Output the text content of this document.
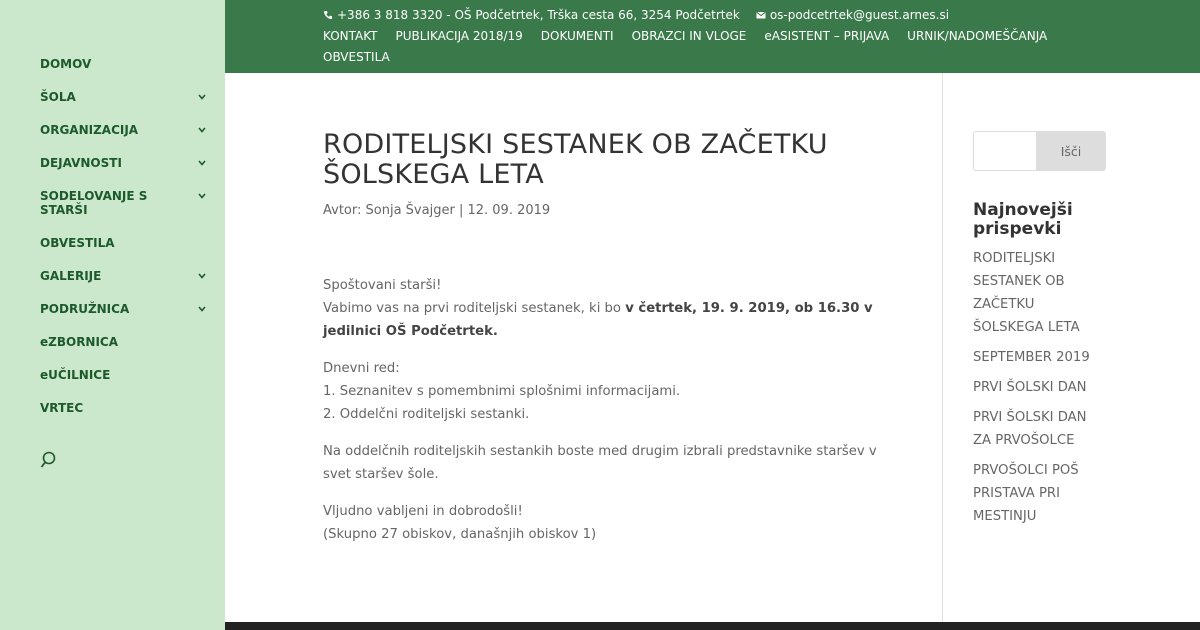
DOMOV
ŠOLA
ORGANIZACIJA
DEJAVNOSTI
SODELOVANJE S STARŠI
OBVESTILA
GALERIJE
PODRUŽNICA
eZBORNICA
eUČILNICE
VRTEC
+386 3 818 3320 - OŠ Podčetrtek, Trška cesta 66, 3254 Podčetrtek	os-podcetrtek@guest.arnes.si
KONTAKT PUBLIKACIJA 2018/19 DOKUMENTI OBRAZCI IN VLOGE eASISTENT – PRIJAVA URNIK/NADOMEŠČANJA
OBVESTILA
RODITELJSKI SESTANEK OB ZAČETKU ŠOLSKEGA LETA
Avtor: Sonja Švajger | 12. 09. 2019

Spoštovani starši!
Vabimo vas na prvi roditeljski sestanek, ki bo v četrtek, 19. 9. 2019, ob 16.30 v jedilnici OŠ Podčetrtek.

Dnevni red:
1. Seznanitev s pomembnimi splošnimi informacijami.
2. Oddelčni roditeljski sestanki.

Na oddelčnih roditeljskih sestankih boste med drugim izbrali predstavnike staršev v svet staršev šole.

Vljudno vabljeni in dobrodošli!
(Skupno 27 obiskov, današnjih obiskov 1)

Išči
Najnovejši prispevki
RODITELJSKI SESTANEK OB ZAČETKU ŠOLSKEGA LETA
SEPTEMBER 2019
PRVI ŠOLSKI DAN
PRVI ŠOLSKI DAN ZA PRVOŠOLCE
PRVOŠOLCI POŠ PRISTAVA PRI MESTINJU
